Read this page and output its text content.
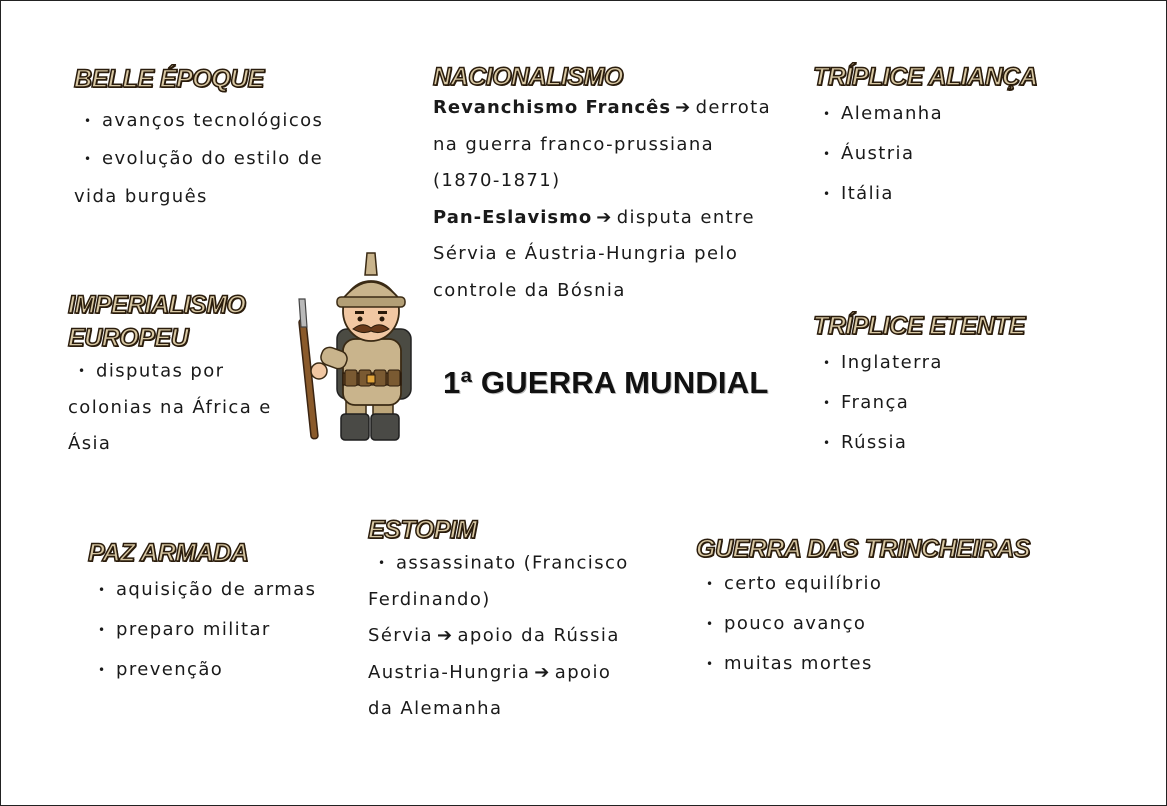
BELLE ÉPOQUE
• avanços tecnológicos
• evolução do estilo de
vida burguês
NACIONALISMO
Revanchismo Francês ➔ derrota
na guerra franco-prussiana
(1870-1871)
Pan-Eslavismo ➔ disputa entre
Sérvia e Áustria-Hungria pelo
controle da Bósnia
TRÍPLICE ALIANÇA
• Alemanha
• Áustria
• Itália
IMPERIALISMO EUROPEU
• disputas por
colonias na África e
Ásia
1ª GUERRA MUNDIAL
TRÍPLICE ETENTE
• Inglaterra
• França
• Rússia
PAZ ARMADA
• aquisição de armas
• preparo militar
• prevenção
ESTOPIM
• assassinato (Francisco
Ferdinando)
Sérvia ➔ apoio da Rússia
Austria-Hungria ➔ apoio
da Alemanha
GUERRA DAS TRINCHEIRAS
• certo equilíbrio
• pouco avanço
• muitas mortes
